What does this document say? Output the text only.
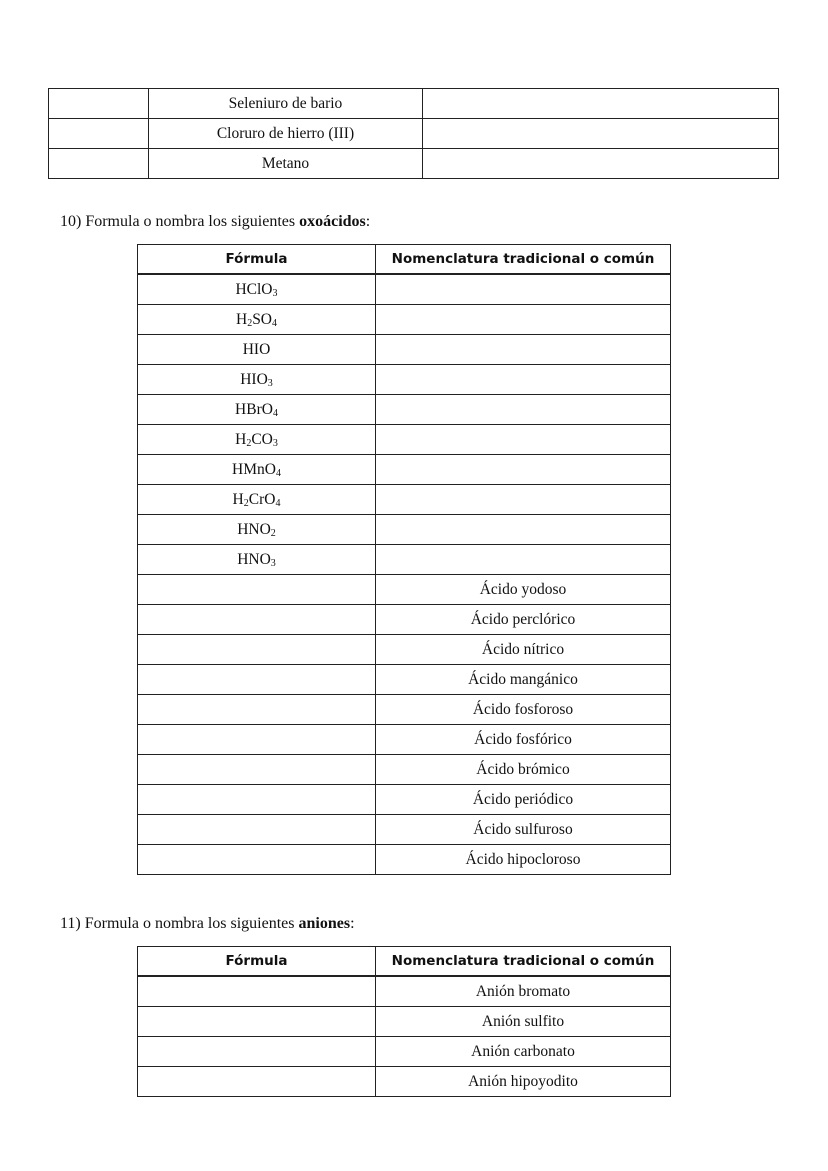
	Seleniuro de bario	
	Cloruro de hierro (III)	
	Metano	
10) Formula o nombra los siguientes oxoácidos:
Fórmula	Nomenclatura tradicional o común
HClO$_3$	
$H_2SO_4$	
HIO	
$HIO_3$	
HBrO$_4$	
$H_2CO_3$	
HMnO$_4$	
$H_2CrO_4$	
$HNO_2$	
$HNO_3$	
	Ácido yodoso
	Ácido perclórico
	Ácido nítrico
	Ácido mangánico
	Ácido fosforoso
	Ácido fosfórico
	Ácido brómico
	Ácido periódico
	Ácido sulfuroso
	Ácido hipocloroso
11) Formula o nombra los siguientes aniones:
Fórmula	Nomenclatura tradicional o común
	Anión bromato
	Anión sulfito
	Anión carbonato
	Anión hipoyodito
